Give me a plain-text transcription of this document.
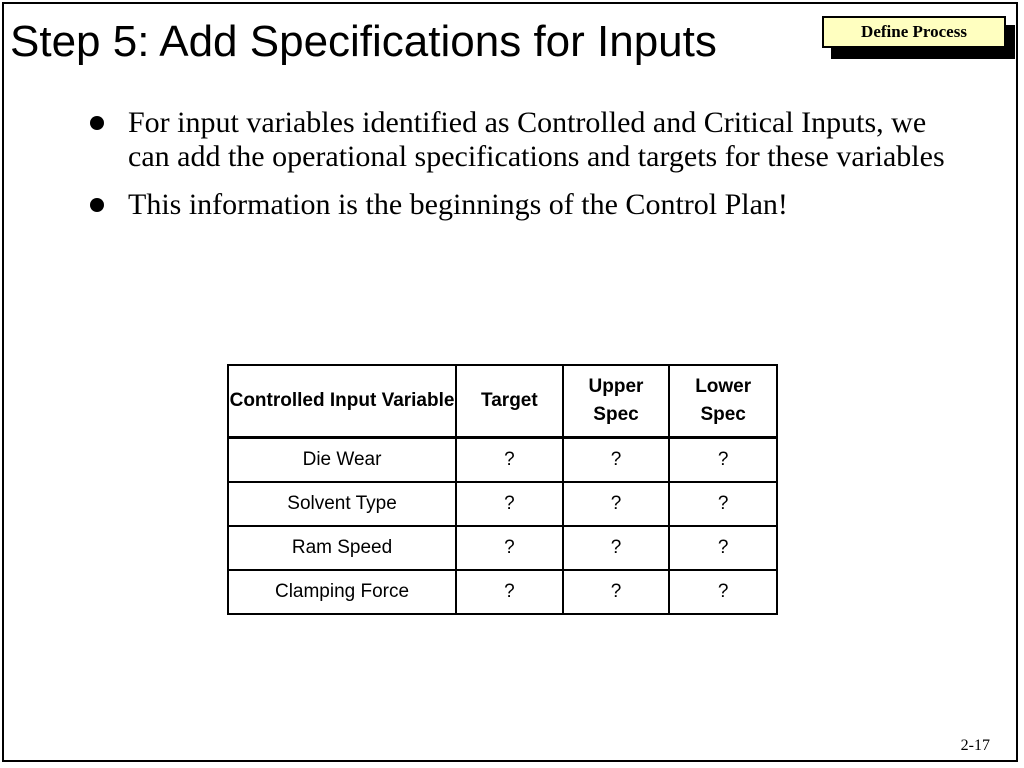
Step 5: Add Specifications for Inputs	Define Process
For input variables identified as Controlled and Critical Inputs, we can add the operational specifications and targets for these variables
This information is the beginnings of the Control Plan!
Controlled Input Variable	Target	Upper Spec	Lower Spec
Die Wear	?	?	?
Solvent Type	?	?	?
Ram Speed	?	?	?
Clamping Force	?	?	?
2-17
